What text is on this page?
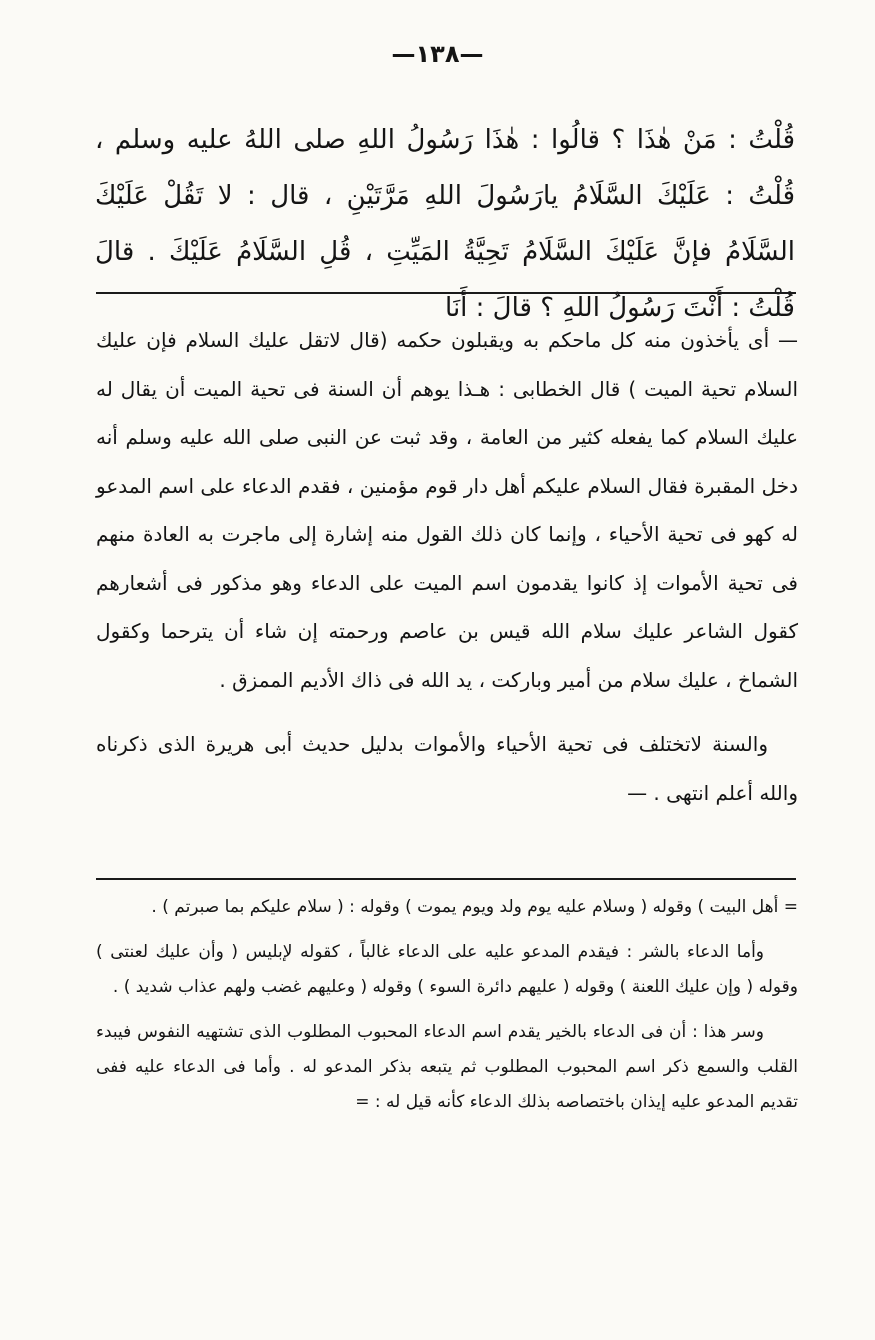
—١٣٨—

قُلْتُ : مَنْ هٰذَا ؟ قالُوا : هٰذَا رَسُولُ اللهِ صلى اللهُ عليه وسلم ، قُلْتُ : عَلَيْكَ السَّلَامُ يارَسُولَ اللهِ مَرَّتَيْنِ ، قال : لا تَقُلْ عَلَيْكَ السَّلَامُ فإنَّ عَلَيْكَ السَّلَامُ تَحِيَّةُ المَيِّتِ ، قُلِ السَّلَامُ عَلَيْكَ . قالَ قُلْتُ : أَنْتَ رَسُولُ اللهِ ؟ قالَ : أَنَا

— أى يأخذون منه كل ماحكم به ويقبلون حكمه (قال لاتقل عليك السلام فإن عليك السلام تحية الميت ) قال الخطابى : هـذا يوهم أن السنة فى تحية الميت أن يقال له عليك السلام كما يفعله كثير من العامة ، وقد ثبت عن النبى صلى الله عليه وسلم أنه دخل المقبرة فقال السلام عليكم أهل دار قوم مؤمنين ، فقدم الدعاء على اسم المدعو له كهو فى تحية الأحياء ، وإنما كان ذلك القول منه إشارة إلى ماجرت به العادة منهم فى تحية الأموات إذ كانوا يقدمون اسم الميت على الدعاء وهو مذكور فى أشعارهم كقول الشاعر عليك سلام الله قيس بن عاصم ورحمته إن شاء أن يترحما وكقول الشماخ ، عليك سلام من أمير وباركت ، يد الله فى ذاك الأديم الممزق .

والسنة لاتختلف فى تحية الأحياء والأموات بدليل حديث أبى هريرة الذى ذكرناه والله أعلم انتهى . —

= أهل البيت ) وقوله ( وسلام عليه يوم ولد ويوم يموت ) وقوله : ( سلام عليكم بما صبرتم ) .

وأما الدعاء بالشر : فيقدم المدعو عليه على الدعاء غالباً ، كقوله لإبليس ( وأن عليك لعنتى ) وقوله ( وإن عليك اللعنة ) وقوله ( عليهم دائرة السوء ) وقوله ( وعليهم غضب ولهم عذاب شديد ) .

وسر هذا : أن فى الدعاء بالخير يقدم اسم الدعاء المحبوب المطلوب الذى تشتهيه النفوس فيبدء القلب والسمع ذكر اسم المحبوب المطلوب ثم يتبعه بذكر المدعو له . وأما فى الدعاء عليه ففى تقديم المدعو عليه إيذان باختصاصه بذلك الدعاء كأنه قيل له : =
